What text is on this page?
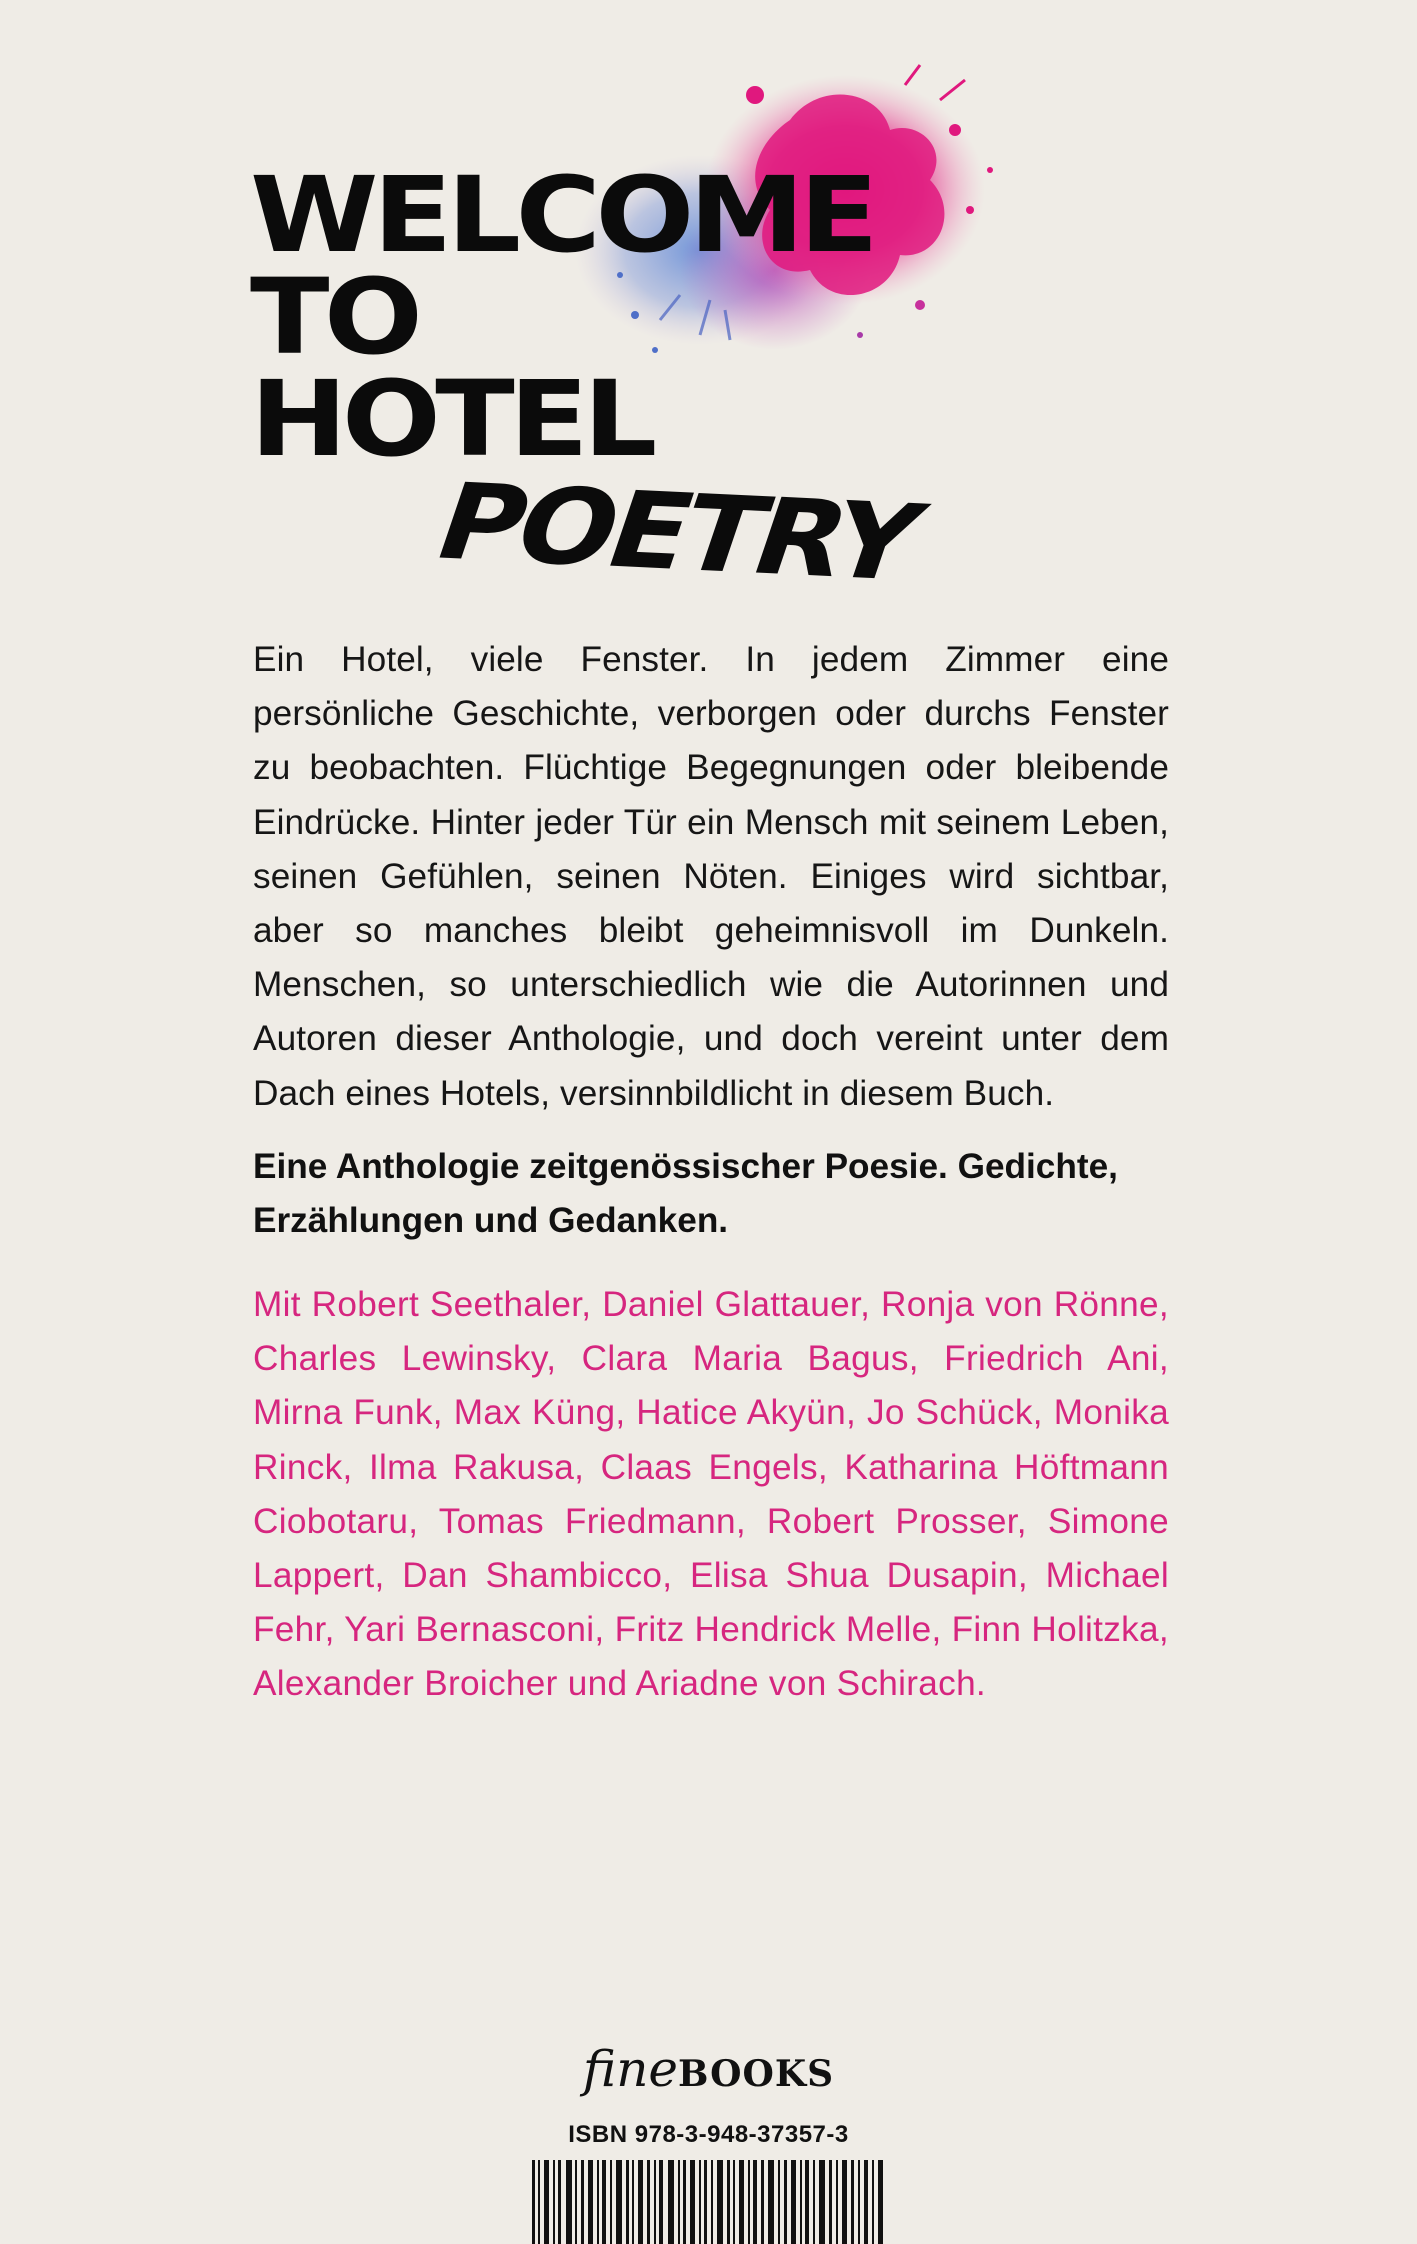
WELCOME
TO
HOTEL
POETRY
Ein Hotel, viele Fenster. In jedem Zimmer eine persönliche Geschichte, verborgen oder durchs Fenster zu beobachten. Flüchtige Begegnungen oder bleibende Eindrücke. Hinter jeder Tür ein Mensch mit seinem Leben, seinen Gefühlen, seinen Nöten. Einiges wird sichtbar, aber so manches bleibt geheimnisvoll im Dunkeln. Menschen, so unterschiedlich wie die Autorinnen und Autoren dieser Anthologie, und doch vereint unter dem Dach eines Hotels, versinnbildlicht in diesem Buch.
Eine Anthologie zeitgenössischer Poesie. Gedichte, Erzählungen und Gedanken.
Mit Robert Seethaler, Daniel Glattauer, Ronja von Rönne, Charles Lewinsky, Clara Maria Bagus, Friedrich Ani, Mirna Funk, Max Küng, Hatice Akyün, Jo Schück, Monika Rinck, Ilma Rakusa, Claas Engels, Katharina Höftmann Ciobotaru, Tomas Friedmann, Robert Prosser, Simone Lappert, Dan Shambicco, Elisa Shua Dusapin, Michael Fehr, Yari Bernasconi, Fritz Hendrick Melle, Finn Holitzka, Alexander Broicher und Ariadne von Schirach.
fineBOOKS
ISBN 978-3-948-37357-3
